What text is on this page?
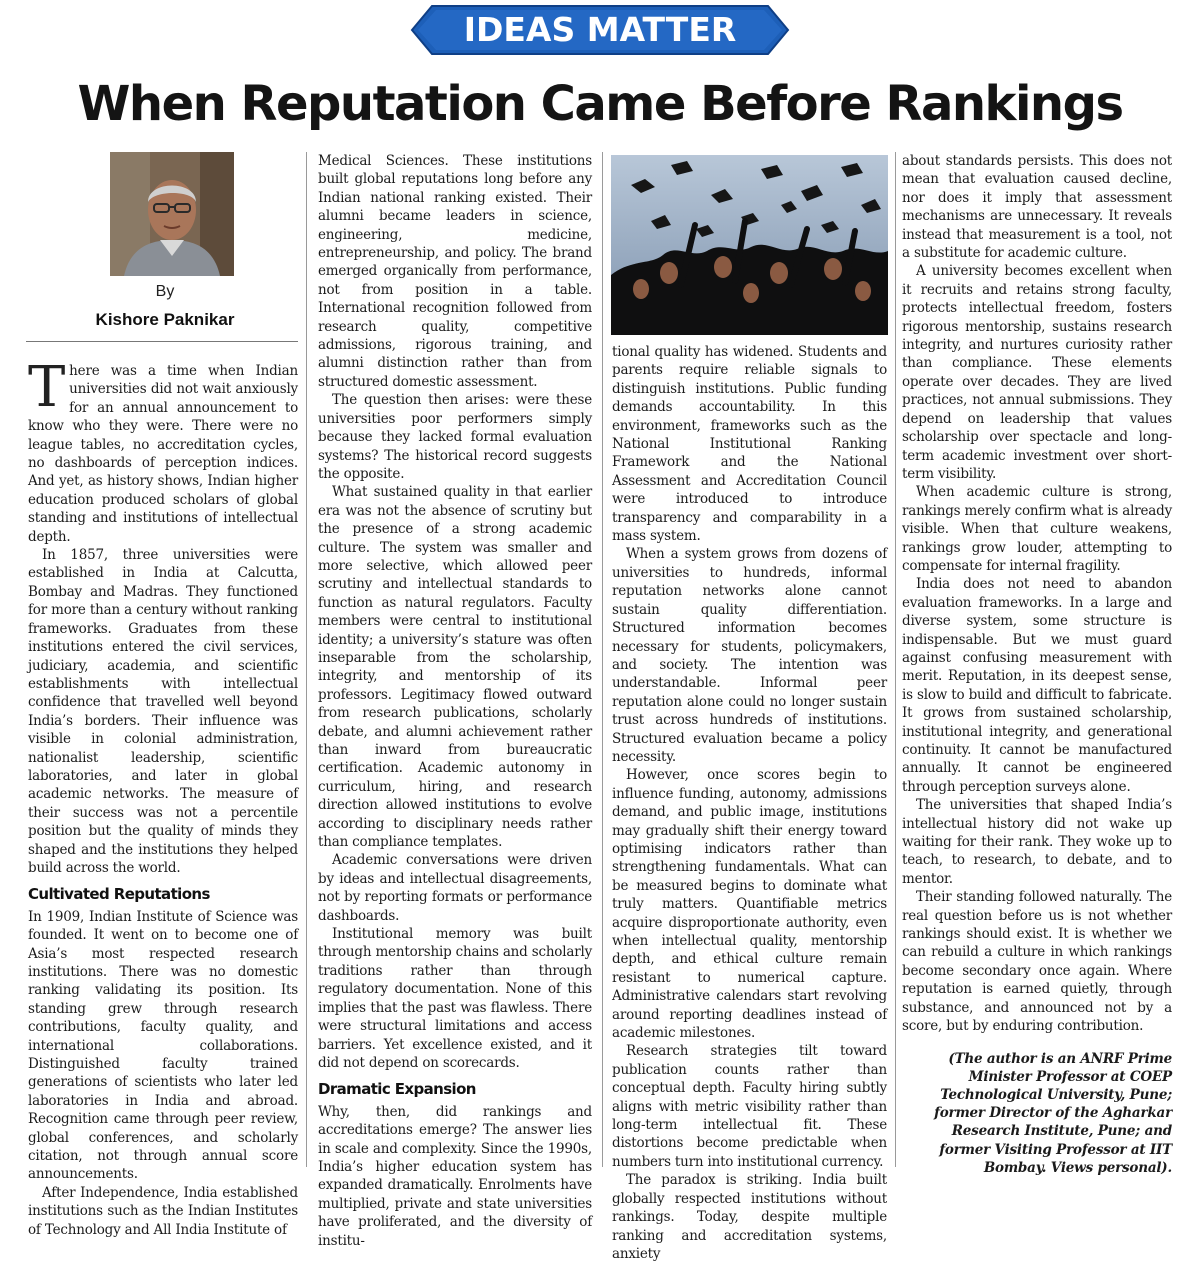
IDEAS MATTER
When Reputation Came Before Rankings
By
Kishore Paknikar

There was a time when Indian universities did not wait anxiously for an annual announcement to know who they were. There were no league tables, no accreditation cycles, no dashboards of perception indices. And yet, as history shows, Indian higher education produced scholars of global standing and institutions of intellectual depth.

In 1857, three universities were established in India at Calcutta, Bombay and Madras. They functioned for more than a century without ranking frameworks. Graduates from these institutions entered the civil services, judiciary, academia, and scientific establishments with intellectual confidence that travelled well beyond India’s borders. Their influence was visible in colonial administration, nationalist leadership, scientific laboratories, and later in global academic networks. The measure of their success was not a percentile position but the quality of minds they shaped and the institutions they helped build across the world.

Cultivated Reputations

In 1909, Indian Institute of Science was founded. It went on to become one of Asia’s most respected research institutions. There was no domestic ranking validating its position. Its standing grew through research contributions, faculty quality, and international collaborations. Distinguished faculty trained generations of scientists who later led laboratories in India and abroad. Recognition came through peer review, global conferences, and scholarly citation, not through annual score announcements.

After Independence, India established institutions such as the Indian Institutes of Technology and All India Institute of

Medical Sciences. These institutions built global reputations long before any Indian national ranking existed. Their alumni became leaders in science, engineering, medicine, entrepreneurship, and policy. The brand emerged organically from performance, not from position in a table. International recognition followed from research quality, competitive admissions, rigorous training, and alumni distinction rather than from structured domestic assessment.

The question then arises: were these universities poor performers simply because they lacked formal evaluation systems? The historical record suggests the opposite.

What sustained quality in that earlier era was not the absence of scrutiny but the presence of a strong academic culture. The system was smaller and more selective, which allowed peer scrutiny and intellectual standards to function as natural regulators. Faculty members were central to institutional identity; a university’s stature was often inseparable from the scholarship, integrity, and mentorship of its professors. Legitimacy flowed outward from research publications, scholarly debate, and alumni achievement rather than inward from bureaucratic certification. Academic autonomy in curriculum, hiring, and research direction allowed institutions to evolve according to disciplinary needs rather than compliance templates.

Academic conversations were driven by ideas and intellectual disagreements, not by reporting formats or performance dashboards.

Institutional memory was built through mentorship chains and scholarly traditions rather than through regulatory documentation. None of this implies that the past was flawless. There were structural limitations and access barriers. Yet excellence existed, and it did not depend on scorecards.

Dramatic Expansion

Why, then, did rankings and accreditations emerge? The answer lies in scale and complexity. Since the 1990s, India’s higher education system has expanded dramatically. Enrolments have multiplied, private and state universities have proliferated, and the diversity of institu-

tional quality has widened. Students and parents require reliable signals to distinguish institutions. Public funding demands accountability. In this environment, frameworks such as the National Institutional Ranking Framework and the National Assessment and Accreditation Council were introduced to introduce transparency and comparability in a mass system.

When a system grows from dozens of universities to hundreds, informal reputation networks alone cannot sustain quality differentiation. Structured information becomes necessary for students, policymakers, and society. The intention was understandable. Informal peer reputation alone could no longer sustain trust across hundreds of institutions. Structured evaluation became a policy necessity.

However, once scores begin to influence funding, autonomy, admissions demand, and public image, institutions may gradually shift their energy toward optimising indicators rather than strengthening fundamentals. What can be measured begins to dominate what truly matters. Quantifiable metrics acquire disproportionate authority, even when intellectual quality, mentorship depth, and ethical culture remain resistant to numerical capture. Administrative calendars start revolving around reporting deadlines instead of academic milestones.

Research strategies tilt toward publication counts rather than conceptual depth. Faculty hiring subtly aligns with metric visibility rather than long-term intellectual fit. These distortions become predictable when numbers turn into institutional currency.

The paradox is striking. India built globally respected institutions without rankings. Today, despite multiple ranking and accreditation systems, anxiety

about standards persists. This does not mean that evaluation caused decline, nor does it imply that assessment mechanisms are unnecessary. It reveals instead that measurement is a tool, not a substitute for academic culture.

A university becomes excellent when it recruits and retains strong faculty, protects intellectual freedom, fosters rigorous mentorship, sustains research integrity, and nurtures curiosity rather than compliance. These elements operate over decades. They are lived practices, not annual submissions. They depend on leadership that values scholarship over spectacle and long-term academic investment over short-term visibility.

When academic culture is strong, rankings merely confirm what is already visible. When that culture weakens, rankings grow louder, attempting to compensate for internal fragility.

India does not need to abandon evaluation frameworks. In a large and diverse system, some structure is indispensable. But we must guard against confusing measurement with merit. Reputation, in its deepest sense, is slow to build and difficult to fabricate. It grows from sustained scholarship, institutional integrity, and generational continuity. It cannot be manufactured annually. It cannot be engineered through perception surveys alone.

The universities that shaped India’s intellectual history did not wake up waiting for their rank. They woke up to teach, to research, to debate, and to mentor.

Their standing followed naturally. The real question before us is not whether rankings should exist. It is whether we can rebuild a culture in which rankings become secondary once again. Where reputation is earned quietly, through substance, and announced not by a score, but by enduring contribution.

(The author is an ANRF Prime Minister Professor at COEP Technological University, Pune; former Director of the Agharkar Research Institute, Pune; and former Visiting Professor at IIT Bombay. Views personal).
